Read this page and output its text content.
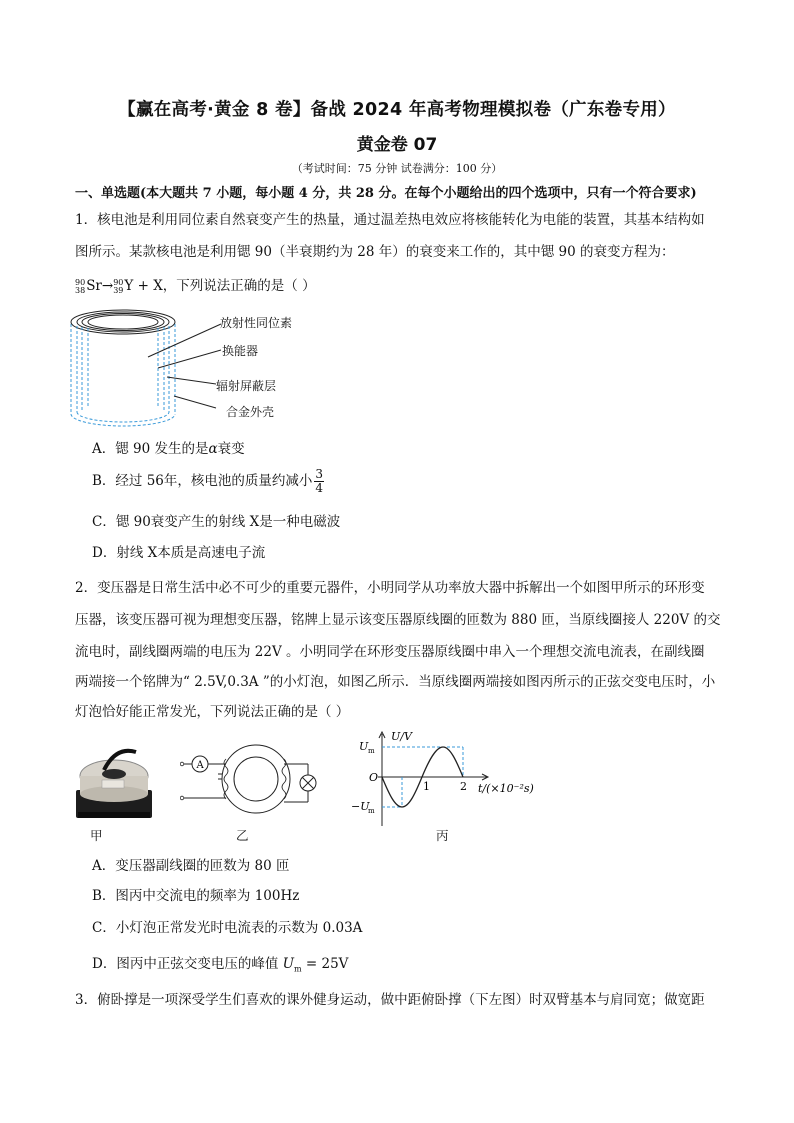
【赢在高考·黄金 8 卷】备战 2024 年高考物理模拟卷（广东卷专用）
黄金卷 07
（考试时间：75 分钟 试卷满分：100 分）
一、单选题(本大题共 7 小题，每小题 4 分，共 28 分。在每个小题给出的四个选项中，只有一个符合要求)
1．核电池是利用同位素自然衰变产生的热量，通过温差热电效应将核能转化为电能的装置，其基本结构如
图所示。某款核电池是利用锶 90（半衰期约为 28 年）的衰变来工作的，其中锶 90 的衰变方程为：
90
38 Sr→ 90
39 Y + X，下列说法正确的是（ ）
放射性同位素
换能器
辐射屏蔽层
合金外壳
A．锶 90 发生的是α衰变
B．经过 56年，核电池的质量约减小 $\frac{3}{4}$
C．锶 90衰变产生的射线 X是一种电磁波
D．射线 X本质是高速电子流
2．变压器是日常生活中必不可少的重要元器件，小明同学从功率放大器中拆解出一个如图甲所示的环形变
压器，该变压器可视为理想变压器，铭牌上显示该变压器原线圈的匝数为 880 匝，当原线圈接人 220V 的交
流电时，副线圈两端的电压为 22V 。小明同学在环形变压器原线圈中串入一个理想交流电流表，在副线圈
两端接一个铭牌为“ 2.5V,0.3A ”的小灯泡，如图乙所示．当原线圈两端接如图丙所示的正弦交变电压时，小
灯泡恰好能正常发光，下列说法正确的是（ ）
A
U/V
U m
O
−U
m
1	2 t/(×10⁻²s)
甲	乙	丙
A．变压器副线圈的匝数为 80 匝
B．图丙中交流电的频率为 100Hz
C．小灯泡正常发光时电流表的示数为 0.03A
D．图丙中正弦交变电压的峰值 $U_m = 25V$
3．俯卧撑是一项深受学生们喜欢的课外健身运动，做中距俯卧撑（下左图）时双臂基本与肩同宽；做宽距
